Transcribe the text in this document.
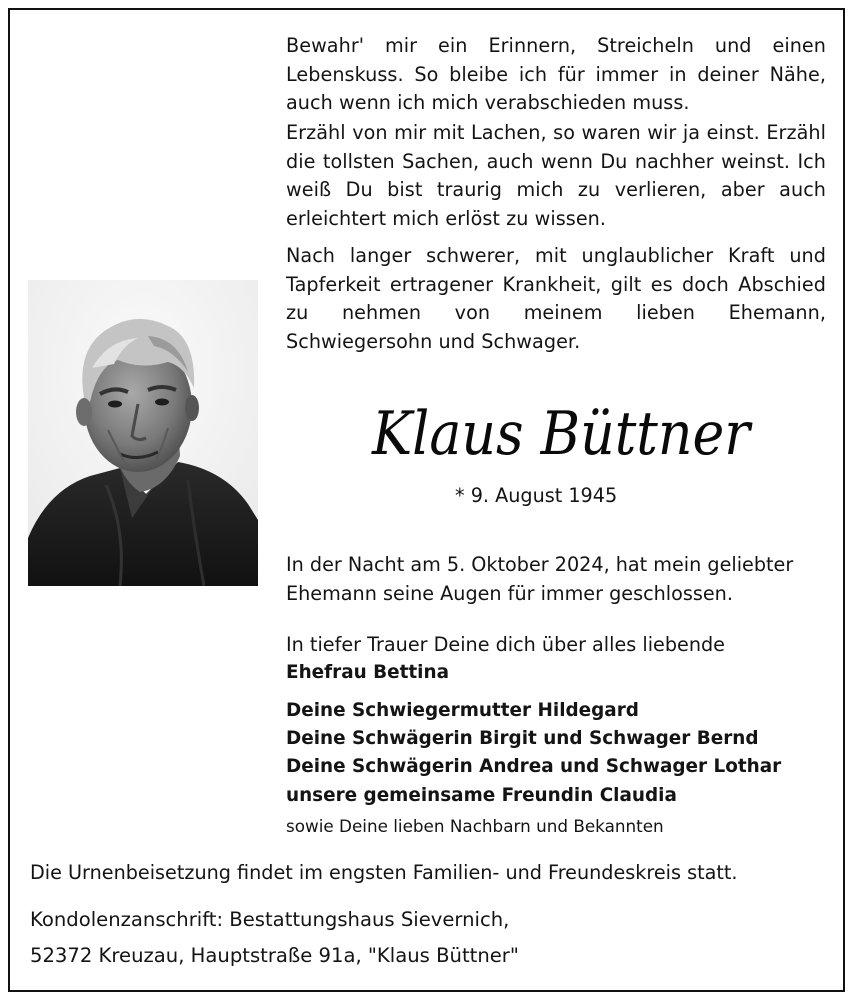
Bewahr' mir ein Erinnern, Streicheln und einen Lebenskuss. So bleibe ich für immer in deiner Nähe, auch wenn ich mich verabschieden muss.

Erzähl von mir mit Lachen, so waren wir ja einst. Erzähl die tollsten Sachen, auch wenn Du nachher weinst. Ich weiß Du bist traurig mich zu verlieren, aber auch erleichtert mich erlöst zu wissen.

Nach langer schwerer, mit unglaublicher Kraft und Tapferkeit ertragener Krankheit, gilt es doch Abschied zu nehmen von meinem lieben Ehemann, Schwiegersohn und Schwager.

Klaus Büttner
* 9. August 1945
In der Nacht am 5. Oktober 2024, hat mein geliebter
Ehemann seine Augen für immer geschlossen.
In tiefer Trauer Deine dich über alles liebende
Ehefrau Bettina
Deine Schwiegermutter Hildegard
Deine Schwägerin Birgit und Schwager Bernd
Deine Schwägerin Andrea und Schwager Lothar
unsere gemeinsame Freundin Claudia
sowie Deine lieben Nachbarn und Bekannten
Die Urnenbeisetzung findet im engsten Familien- und Freundeskreis statt.
Kondolenzanschrift: Bestattungshaus Sievernich,
52372 Kreuzau, Hauptstraße 91a, "Klaus Büttner"
